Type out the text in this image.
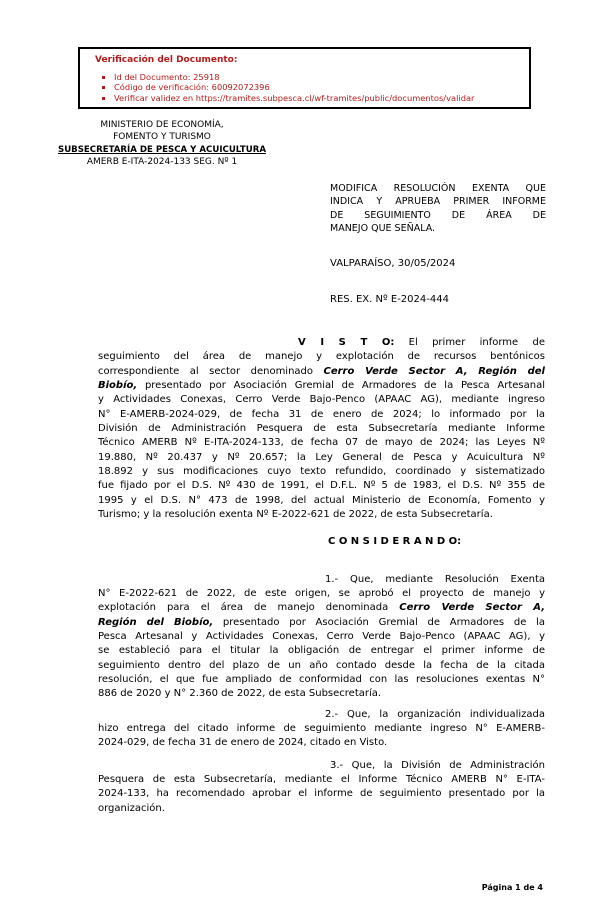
Verificación del Documento:
▪ Id del Documento: 25918
▪ Código de verificación: 60092072396
▪ Verificar validez en https://tramites.subpesca.cl/wf-tramites/public/documentos/validar
MINISTERIO DE ECONOMÍA,
FOMENTO Y TURISMO
SUBSECRETARÍA DE PESCA Y ACUICULTURA
AMERB E-ITA-2024-133 SEG. Nº 1
MODIFICA RESOLUCIÓN EXENTA QUE
INDICA Y APRUEBA PRIMER INFORME
DE SEGUIMIENTO DE ÁREA DE
MANEJO QUE SEÑALA.
VALPARAÍSO, 30/05/2024
RES. EX. Nº E-2024-444
V I S T O: El primer informe de
seguimiento del área de manejo y explotación de recursos bentónicos
correspondiente al sector denominado Cerro Verde Sector A, Región del
Biobío, presentado por Asociación Gremial de Armadores de la Pesca Artesanal
y Actividades Conexas, Cerro Verde Bajo-Penco (APAAC AG), mediante ingreso
N° E-AMERB-2024-029, de fecha 31 de enero de 2024; lo informado por la
División de Administración Pesquera de esta Subsecretaría mediante Informe
Técnico AMERB Nº E-ITA-2024-133, de fecha 07 de mayo de 2024; las Leyes Nº
19.880, Nº 20.437 y Nº 20.657; la Ley General de Pesca y Acuicultura Nº
18.892 y sus modificaciones cuyo texto refundido, coordinado y sistematizado
fue fijado por el D.S. Nº 430 de 1991, el D.F.L. Nº 5 de 1983, el D.S. Nº 355 de
1995 y el D.S. N° 473 de 1998, del actual Ministerio de Economía, Fomento y
Turismo; y la resolución exenta Nº E-2022-621 de 2022, de esta Subsecretaría.
C O N S I D E R A N D O:
1.- Que, mediante Resolución Exenta
N° E-2022-621 de 2022, de este origen, se aprobó el proyecto de manejo y
explotación para el área de manejo denominada Cerro Verde Sector A,
Región del Biobío, presentado por Asociación Gremial de Armadores de la
Pesca Artesanal y Actividades Conexas, Cerro Verde Bajo-Penco (APAAC AG), y
se estableció para el titular la obligación de entregar el primer informe de
seguimiento dentro del plazo de un año contado desde la fecha de la citada
resolución, el que fue ampliado de conformidad con las resoluciones exentas N°
886 de 2020 y N° 2.360 de 2022, de esta Subsecretaría.
2.- Que, la organización individualizada
hizo entrega del citado informe de seguimiento mediante ingreso N° E-AMERB-
2024-029, de fecha 31 de enero de 2024, citado en Visto.
3.- Que, la División de Administración
Pesquera de esta Subsecretaría, mediante el Informe Técnico AMERB N° E-ITA-
2024-133, ha recomendado aprobar el informe de seguimiento presentado por la
organización.
Página 1 de 4
